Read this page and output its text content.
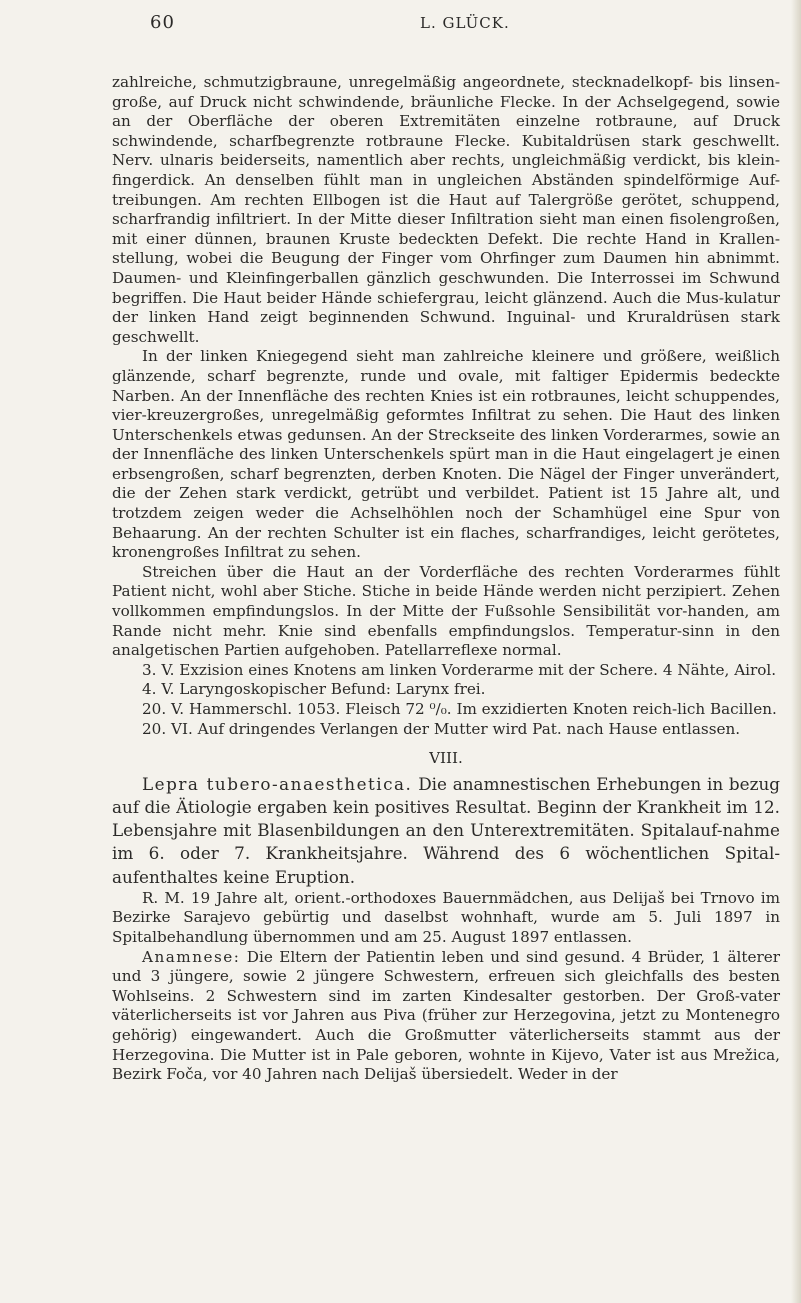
60	L. GLÜCK.

zahlreiche, schmutzigbraune, unregelmäßig angeordnete, stecknadelkopf- bis linsen-große, auf Druck nicht schwindende, bräunliche Flecke. In der Achselgegend, sowie an der Oberfläche der oberen Extremitäten einzelne rotbraune, auf Druck schwindende, scharfbegrenzte rotbraune Flecke. Kubitaldrüsen stark geschwellt. Nerv. ulnaris beiderseits, namentlich aber rechts, ungleichmäßig verdickt, bis klein-fingerdick. An denselben fühlt man in ungleichen Abständen spindelförmige Auf-treibungen. Am rechten Ellbogen ist die Haut auf Talergröße gerötet, schuppend, scharfrandig infiltriert. In der Mitte dieser Infiltration sieht man einen fisolengroßen, mit einer dünnen, braunen Kruste bedeckten Defekt. Die rechte Hand in Krallen-stellung, wobei die Beugung der Finger vom Ohrfinger zum Daumen hin abnimmt. Daumen- und Kleinfingerballen gänzlich geschwunden. Die Interrossei im Schwund begriffen. Die Haut beider Hände schiefergrau, leicht glänzend. Auch die Mus-kulatur der linken Hand zeigt beginnenden Schwund. Inguinal- und Kruraldrüsen stark geschwellt.

In der linken Kniegegend sieht man zahlreiche kleinere und größere, weißlich glänzende, scharf begrenzte, runde und ovale, mit faltiger Epidermis bedeckte Narben. An der Innenfläche des rechten Knies ist ein rotbraunes, leicht schuppendes, vier-kreuzergroßes, unregelmäßig geformtes Infiltrat zu sehen. Die Haut des linken Unterschenkels etwas gedunsen. An der Streckseite des linken Vorderarmes, sowie an der Innenfläche des linken Unterschenkels spürt man in die Haut eingelagert je einen erbsengroßen, scharf begrenzten, derben Knoten. Die Nägel der Finger unverändert, die der Zehen stark verdickt, getrübt und verbildet. Patient ist 15 Jahre alt, und trotzdem zeigen weder die Achselhöhlen noch der Schamhügel eine Spur von Behaarung. An der rechten Schulter ist ein flaches, scharfrandiges, leicht gerötetes, kronengroßes Infiltrat zu sehen.

Streichen über die Haut an der Vorderfläche des rechten Vorderarmes fühlt Patient nicht, wohl aber Stiche. Stiche in beide Hände werden nicht perzipiert. Zehen vollkommen empfindungslos. In der Mitte der Fußsohle Sensibilität vor-handen, am Rande nicht mehr. Knie sind ebenfalls empfindungslos. Temperatur-sinn in den analgetischen Partien aufgehoben. Patellarreflexe normal.

3. V. Exzision eines Knotens am linken Vorderarme mit der Schere. 4 Nähte, Airol.

4. V. Laryngoskopischer Befund: Larynx frei.

20. V. Hammerschl. 1053. Fleisch 72 ⁰/₀. Im exzidierten Knoten reich-lich Bacillen.

20. VI. Auf dringendes Verlangen der Mutter wird Pat. nach Hause entlassen.

VIII.

Lepra tubero-anaesthetica. Die anamnestischen Erhebungen in bezug auf die Ätiologie ergaben kein positives Resultat. Beginn der Krankheit im 12. Lebensjahre mit Blasenbildungen an den Unterextremitäten. Spitalauf-nahme im 6. oder 7. Krankheitsjahre. Während des 6 wöchentlichen Spital-aufenthaltes keine Eruption.

R. M. 19 Jahre alt, orient.-orthodoxes Bauernmädchen, aus Delijaš bei Trnovo im Bezirke Sarajevo gebürtig und daselbst wohnhaft, wurde am 5. Juli 1897 in Spitalbehandlung übernommen und am 25. August 1897 entlassen.

Anamnese: Die Eltern der Patientin leben und sind gesund. 4 Brüder, 1 älterer und 3 jüngere, sowie 2 jüngere Schwestern, erfreuen sich gleichfalls des besten Wohlseins. 2 Schwestern sind im zarten Kindesalter gestorben. Der Groß-vater väterlicherseits ist vor Jahren aus Piva (früher zur Herzegovina, jetzt zu Montenegro gehörig) eingewandert. Auch die Großmutter väterlicherseits stammt aus der Herzegovina. Die Mutter ist in Pale geboren, wohnte in Kijevo, Vater ist aus Mrežica, Bezirk Foča, vor 40 Jahren nach Delijaš übersiedelt. Weder in der
